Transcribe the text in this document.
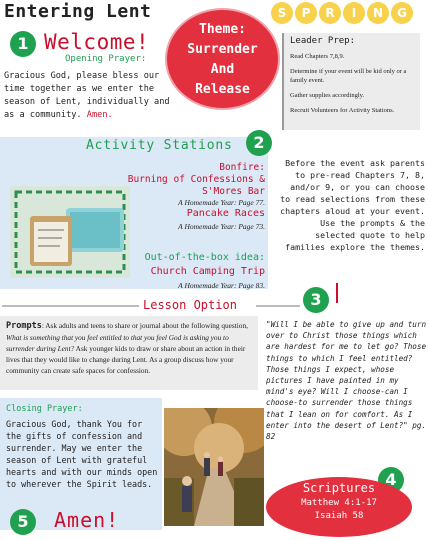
Entering Lent	S	P	R	I	N	G
1 Welcome!
Opening Prayer:
Gracious God, please bless our time together as we enter the season of Lent, individually and as a community. Amen.
Theme:
Surrender
And
Release
Leader Prep:
Read Chapters 7,8,9.
Determine if your event will be kid only or a family event.
Gather supplies accordingly.
Recruit Volunteers for Activity Stations.
Activity Stations	2
Bonfire:
Burning of Confessions & S'Mores Bar
A Homemade Year: Page 77.
Pancake Races
A Homemade Year: Page 73.
Out-of-the-box idea:
Church Camping Trip
A Homemade Year: Page 83.
Before the event ask parents to pre-read Chapters 7, 8, and/or 9, or you can choose to read selections from these chapters aloud at your event. Use the prompts & the selected quote to help families explore the themes.
Lesson Option	3
Prompts: Ask adults and teens to share or journal about the following question, What is something that you feel entitled to that you feel God is asking you to surrender during Lent? Ask younger kids to draw or share about an action in their lives that they would like to change during Lent. As a group discuss how your community can create safe spaces for confession.
"Will I be able to give up and turn over to Christ those things which are hardest for me to let go? Those things to which I feel entitled? Those things I expect, whose pictures I have painted in my mind's eye? Will I choose-can I choose-to surrender those things that I lean on for comfort. As I enter into the desert of Lent?" pg. 82
Closing Prayer:
Gracious God, thank You for the gifts of confession and surrender. May we enter the season of Lent with grateful hearts and with our minds open to wherever the Spirit leads.
5	Amen!
4
Scriptures
Matthew 4:1-17
Isaiah 58
